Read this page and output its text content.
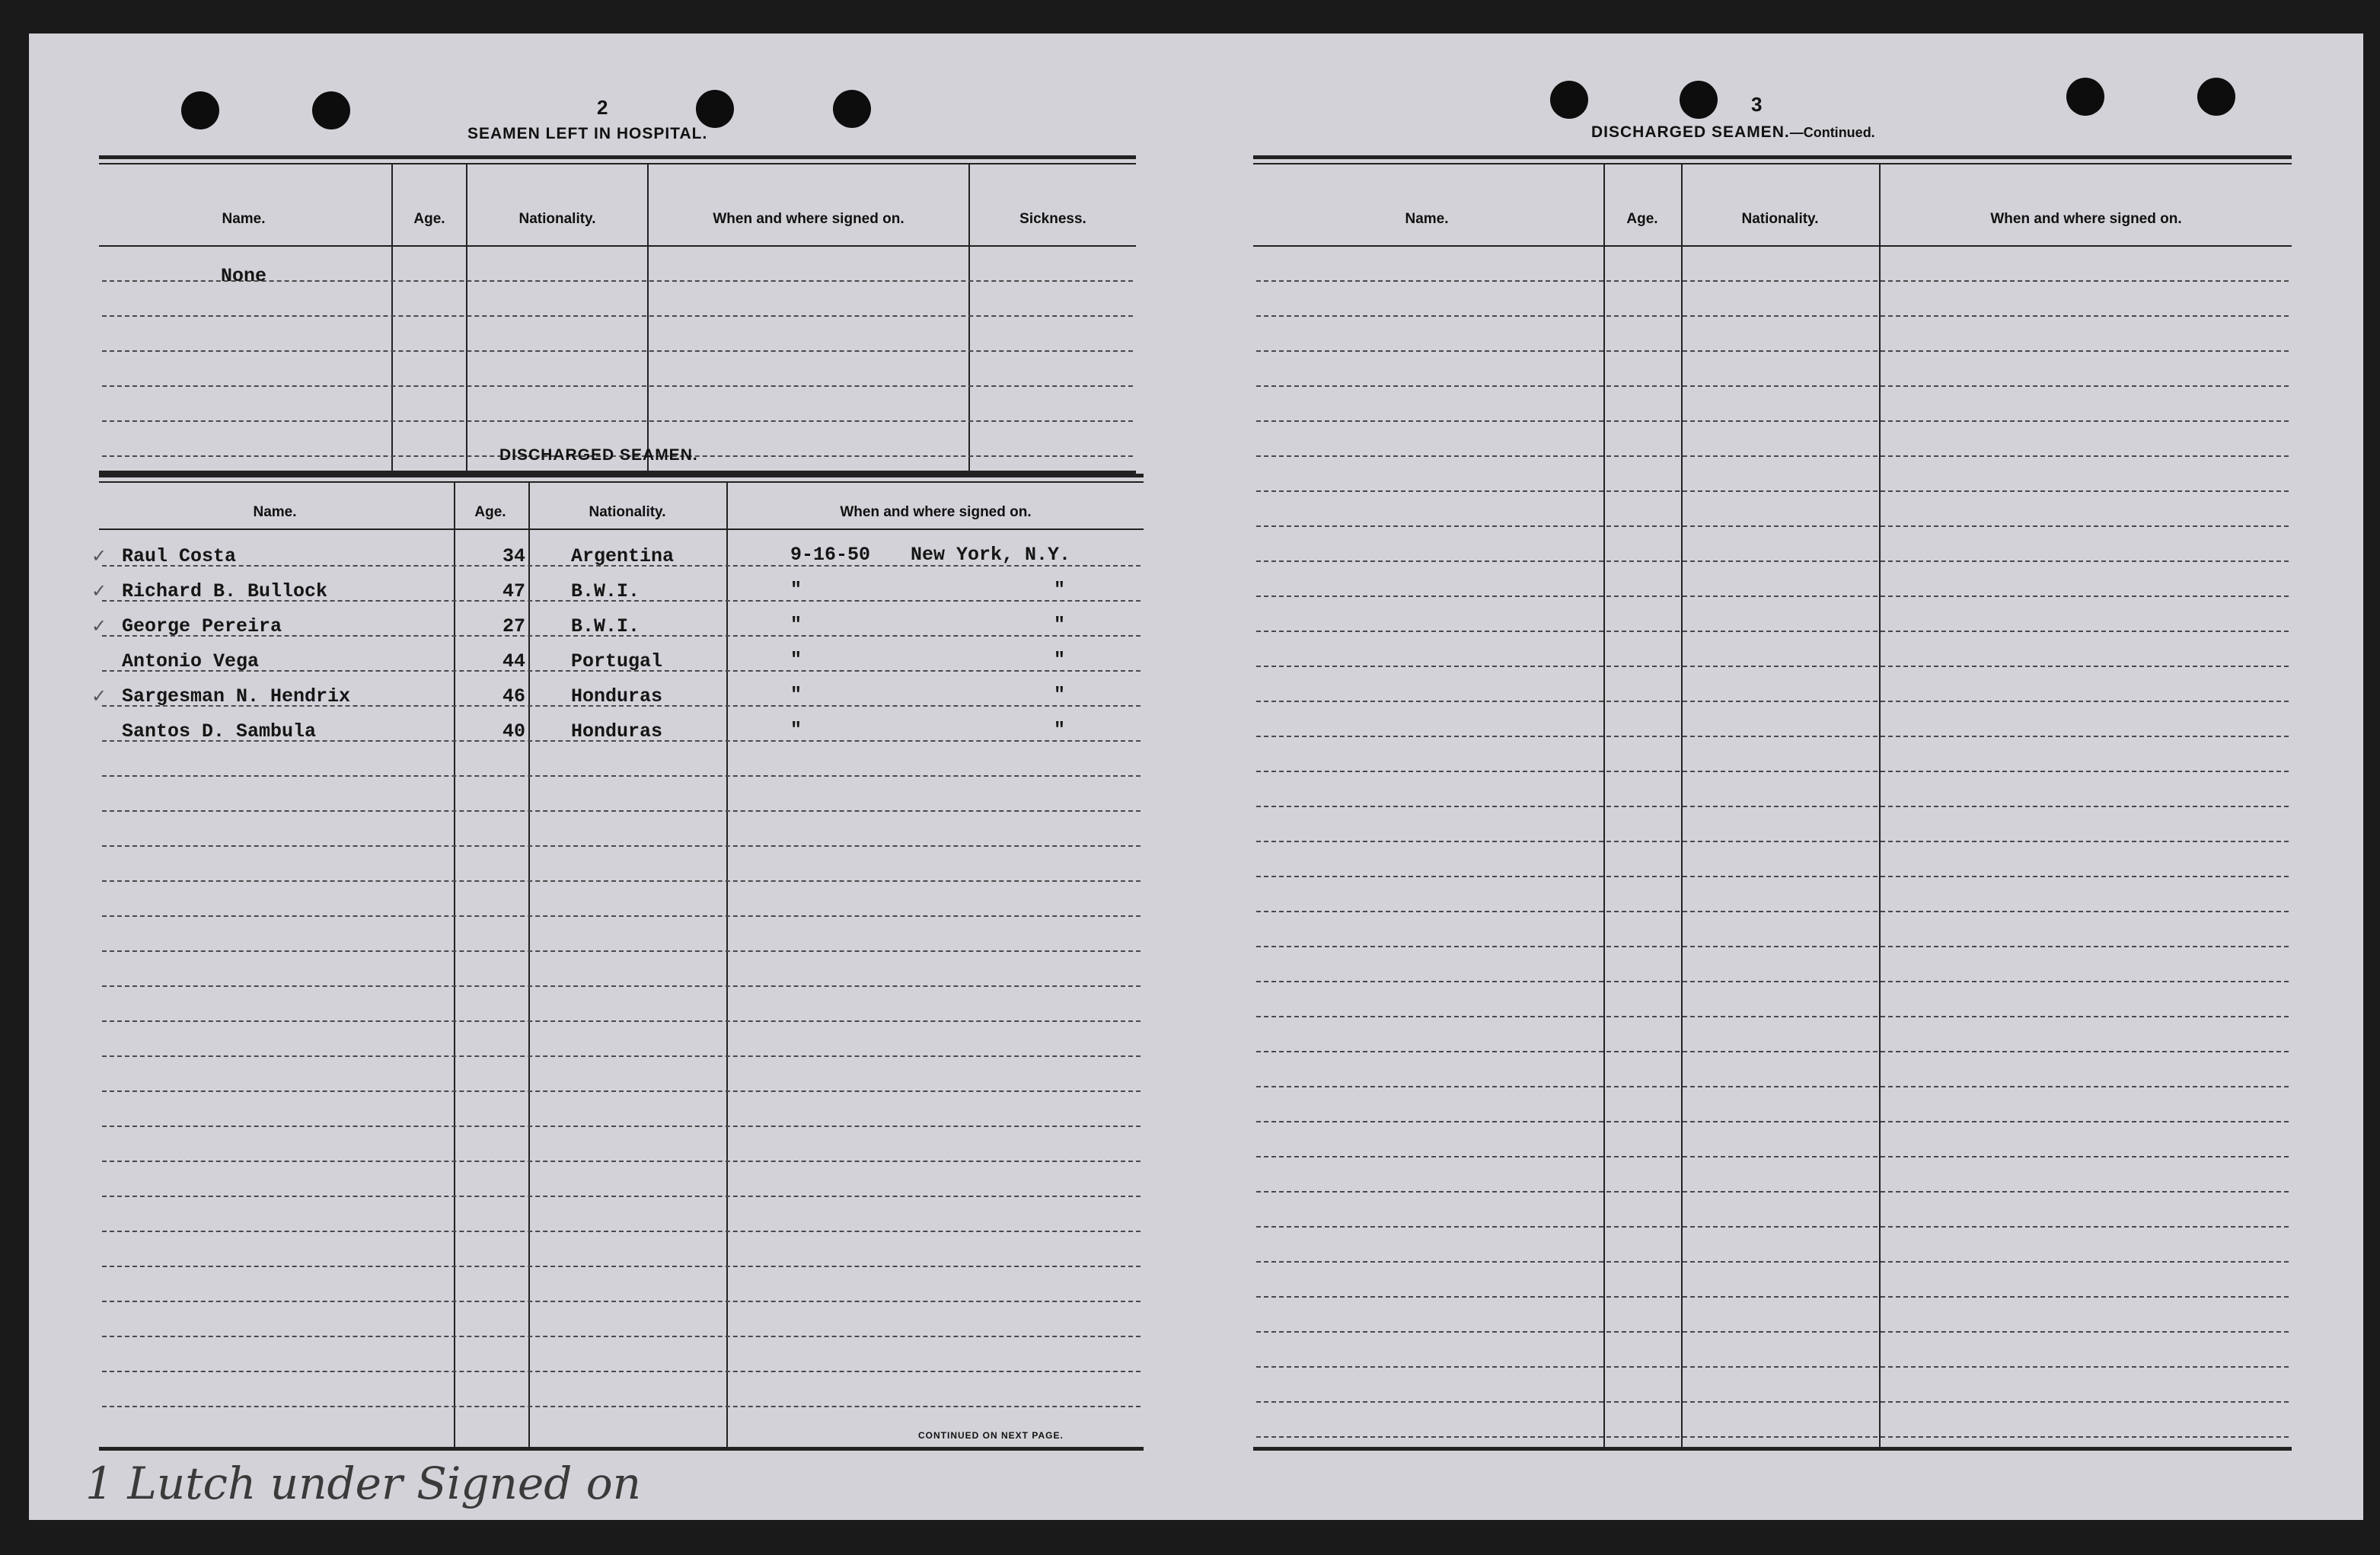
2
SEAMEN LEFT IN HOSPITAL.
Name.	Age.	Nationality.	When and where signed on.	Sickness.
None
DISCHARGED SEAMEN.
Name.	Age.	Nationality.	When and where signed on.
✓ Raul Costa	34 Argentina	9-16-50 New York, N.Y.
✓ Richard B. Bullock	47 B.W.I.	"	"
✓ George Pereira	27 B.W.I.	"	"
Antonio Vega	44 Portugal	"	"
✓ Sargesman N. Hendrix	46 Honduras	"	"
Santos D. Sambula	40 Honduras	"	"
CONTINUED ON NEXT PAGE.
1 Lutch under Signed on
3
DISCHARGED SEAMEN.—Continued.
Name.	Age.	Nationality.	When and where signed on.
